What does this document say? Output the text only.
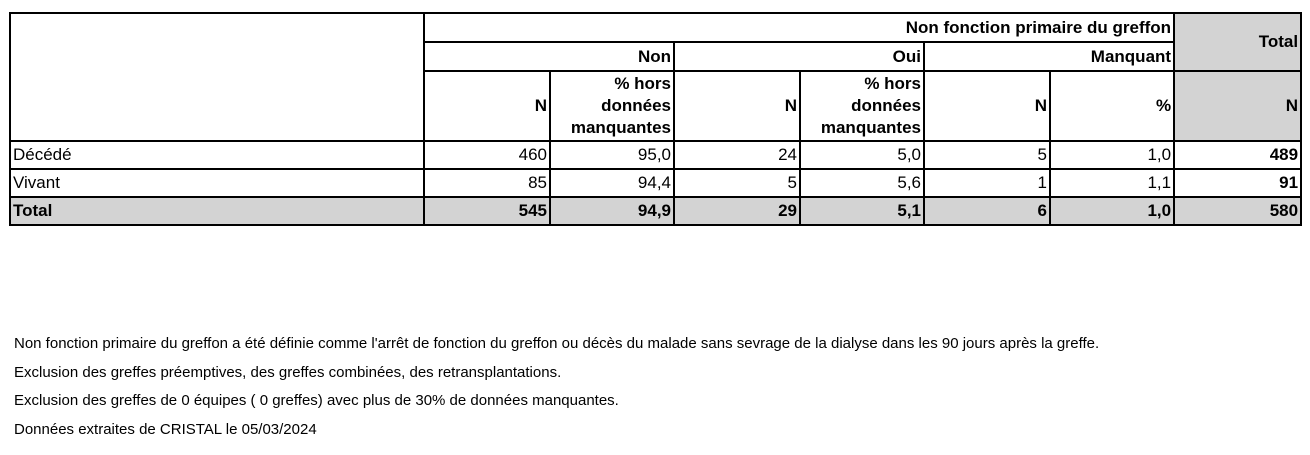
	Non fonction primaire du greffon						Total
	Non		Oui		Manquant		
	N	% hors données manquantes	N	% hors données manquantes	N	%	N
Décédé	460	95,0	24	5,0	5	1,0	489
Vivant	85	94,4	5	5,6	1	1,1	91
Total	545	94,9	29	5,1	6	1,0	580
Non fonction primaire du greffon a été définie comme l'arrêt de fonction du greffon ou décès du malade sans sevrage de la dialyse dans les 90 jours après la greffe.
Exclusion des greffes préemptives, des greffes combinées, des retransplantations.
Exclusion des greffes de 0 équipes ( 0 greffes) avec plus de 30% de données manquantes.
Données extraites de CRISTAL le 05/03/2024
